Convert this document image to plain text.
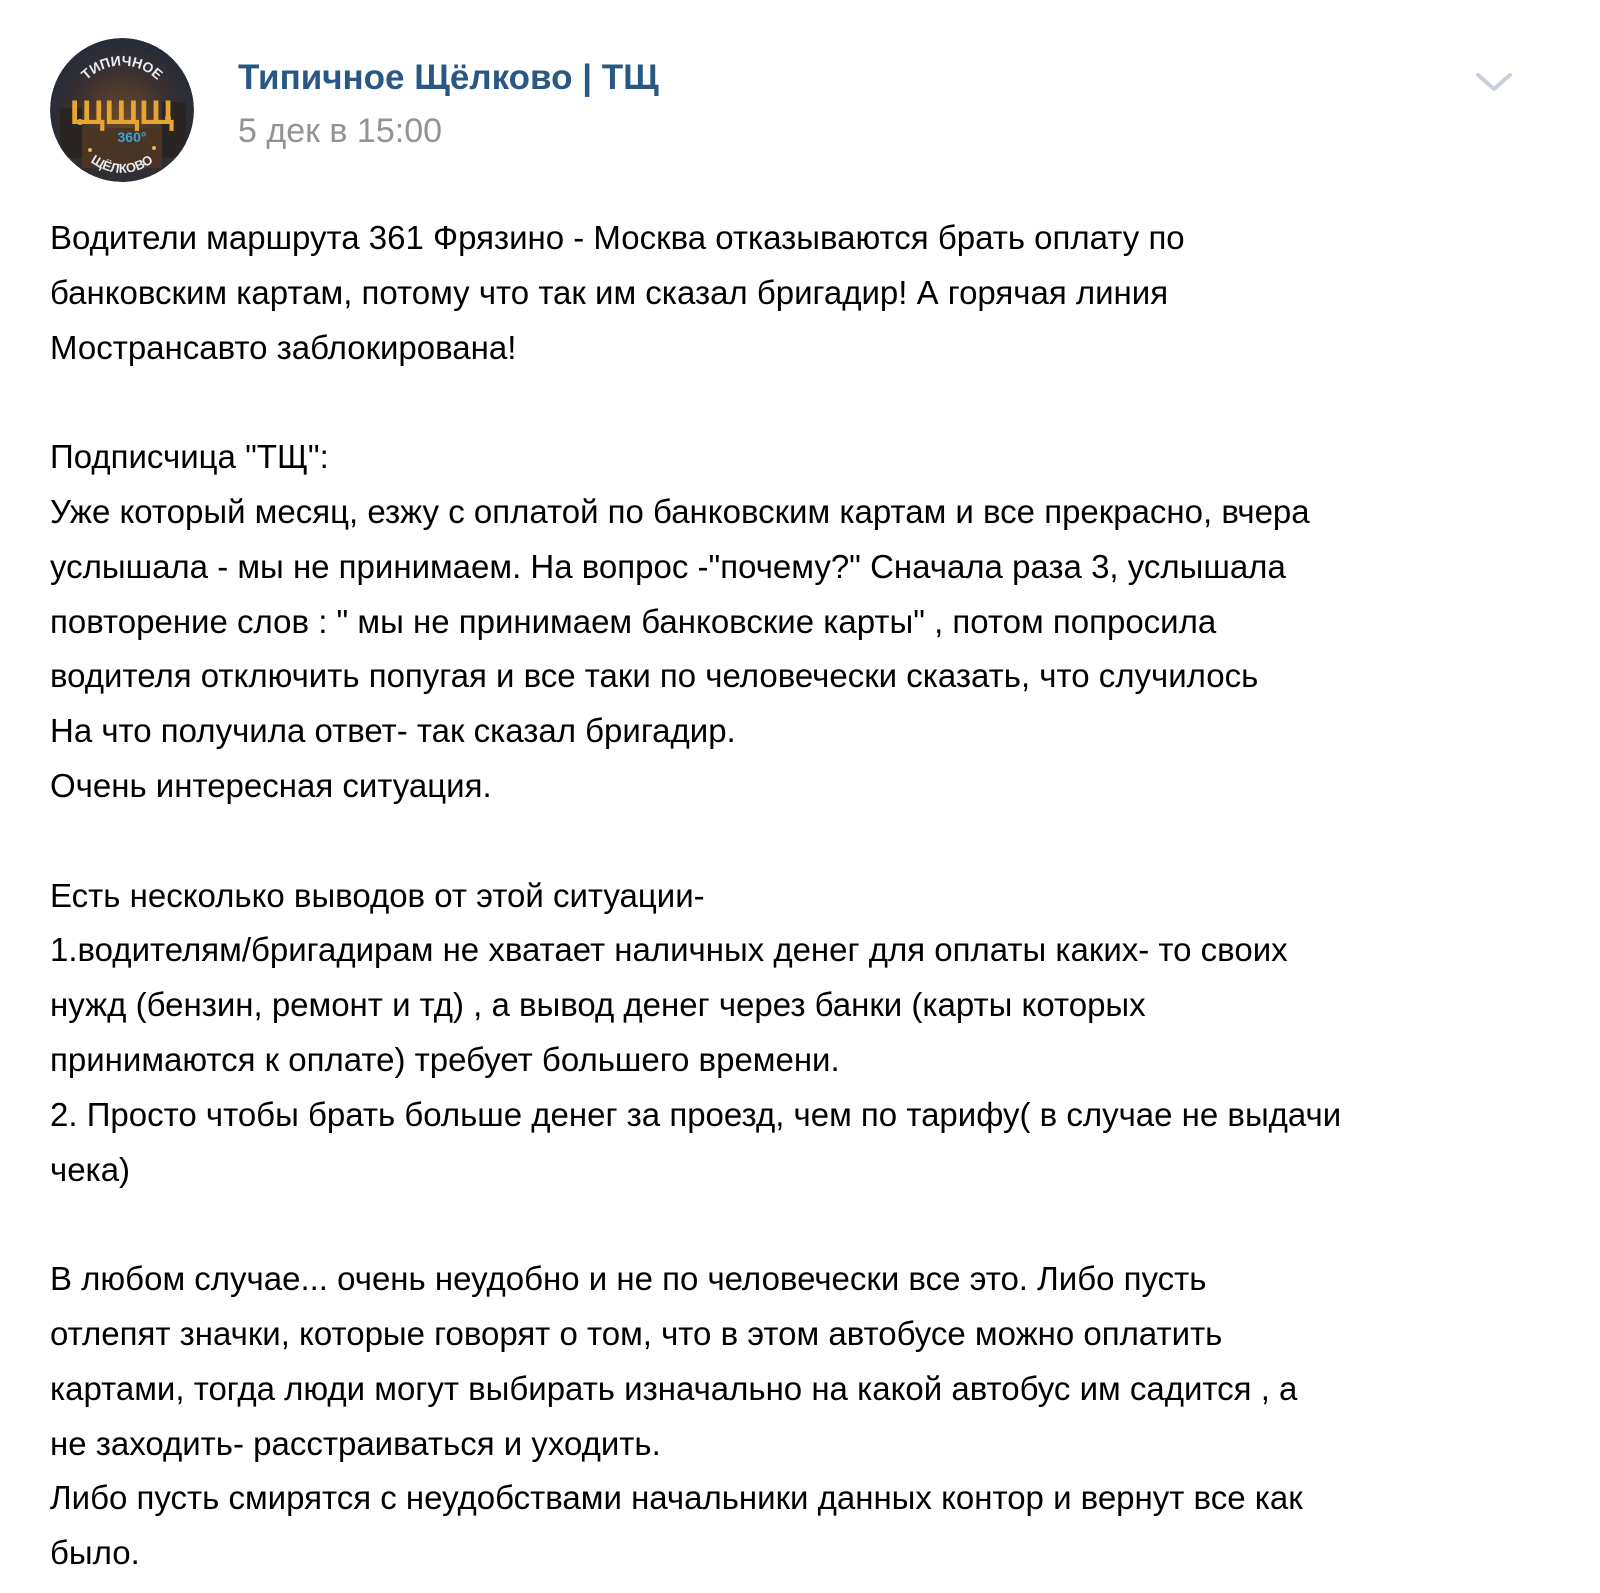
ТИПИЧНОЕ
ЩЩЩ
360°
ЩЁЛКОВО
Типичное Щёлково | ТЩ
5 дек в 15:00
Водители маршрута 361 Фрязино - Москва отказываются брать оплату по
банковским картам, потому что так им сказал бригадир! А горячая линия
Мострансавто заблокирована!
Подписчица "ТЩ":
Уже который месяц, езжу с оплатой по банковским картам и все прекрасно, вчера
услышала - мы не принимаем. На вопрос -"почему?" Сначала раза 3, услышала
повторение слов : " мы не принимаем банковские карты" , потом попросила
водителя отключить попугая и все таки по человечески сказать, что случилось
На что получила ответ- так сказал бригадир.
Очень интересная ситуация.
Есть несколько выводов от этой ситуации-
1.водителям/бригадирам не хватает наличных денег для оплаты каких- то своих
нужд (бензин, ремонт и тд) , а вывод денег через банки (карты которых
принимаются к оплате) требует большего времени.
2. Просто чтобы брать больше денег за проезд, чем по тарифу( в случае не выдачи
чека)
В любом случае... очень неудобно и не по человечески все это. Либо пусть
отлепят значки, которые говорят о том, что в этом автобусе можно оплатить
картами, тогда люди могут выбирать изначально на какой автобус им садится , а
не заходить- расстраиваться и уходить.
Либо пусть смирятся с неудобствами начальники данных контор и вернут все как
было.
